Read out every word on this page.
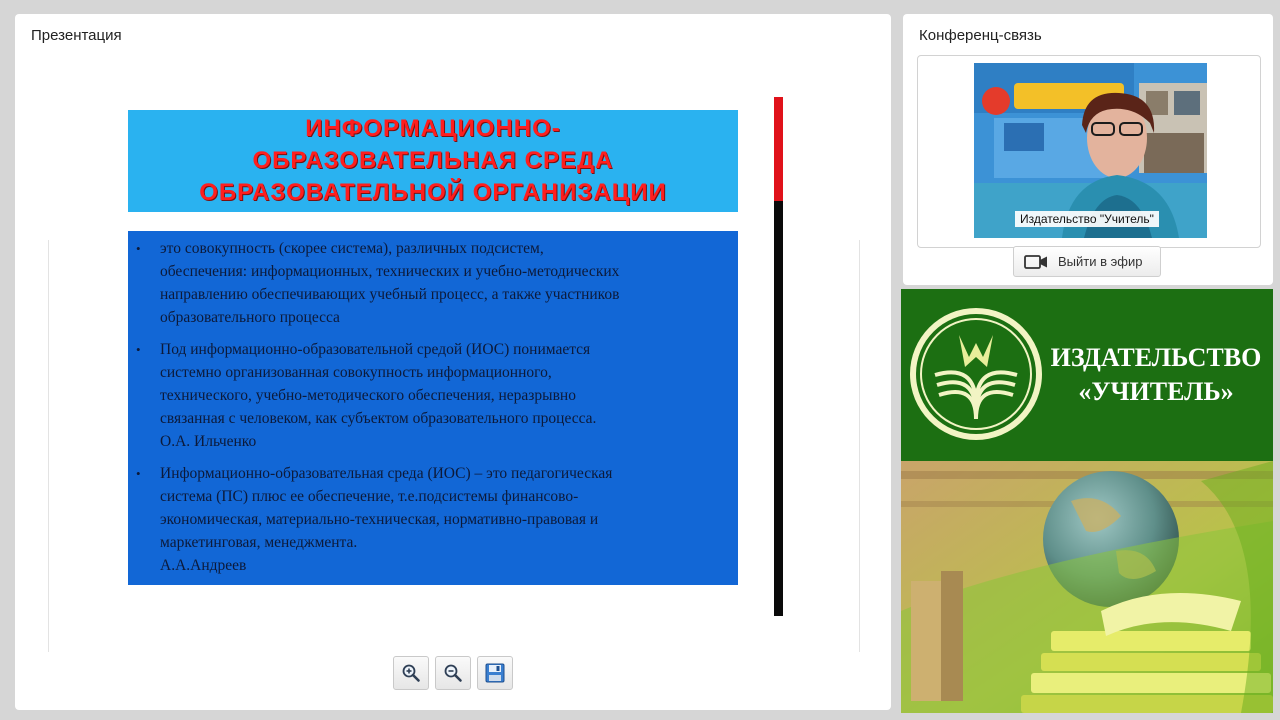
Презентация
ИНФОРМАЦИОННО-
ОБРАЗОВАТЕЛЬНАЯ СРЕДА
ОБРАЗОВАТЕЛЬНОЙ ОРГАНИЗАЦИИ
•	это совокупность (скорее система), различных подсистем,
обеспечения: информационных, технических и учебно-методических
направлению обеспечивающих учебный процесс, а также участников
образовательного процесса
•	Под информационно-образовательной средой (ИОС) понимается
системно организованная совокупность информационного,
технического, учебно-методического обеспечения, неразрывно
связанная с человеком, как субъектом образовательного процесса.
О.А. Ильченко
•	Информационно-образовательная среда (ИОС) – это педагогическая
система (ПС) плюс ее обеспечение, т.е.подсистемы финансово-
экономическая, материально-техническая, нормативно-правовая и
маркетинговая, менеджмента.
А.А.Андреев
Конференц-связь
Издательство "Учитель"
Выйти в эфир
ИЗДАТЕЛЬСТВО
«УЧИТЕЛЬ»
